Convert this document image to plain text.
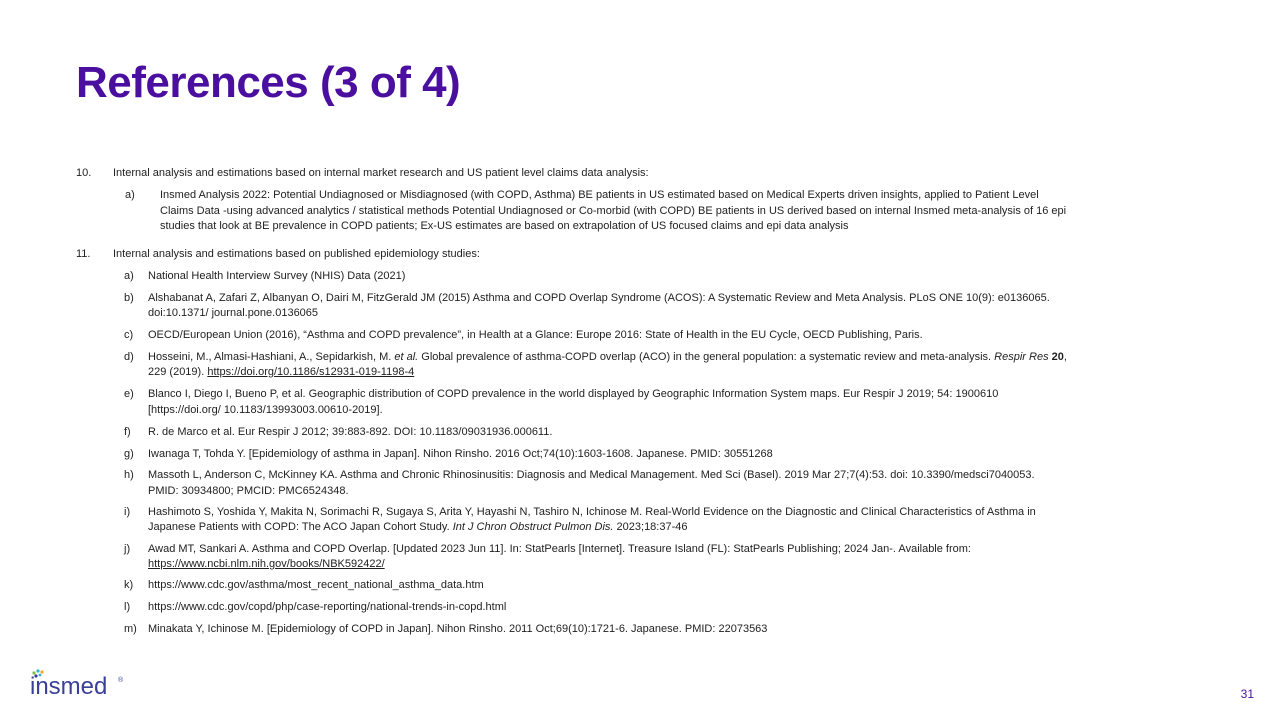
References (3 of 4)
10. Internal analysis and estimations based on internal market research and US patient level claims data analysis:
a) Insmed Analysis 2022: Potential Undiagnosed or Misdiagnosed (with COPD, Asthma) BE patients in US estimated based on Medical Experts driven insights, applied to Patient Level
Claims Data -using advanced analytics / statistical methods Potential Undiagnosed or Co-morbid (with COPD) BE patients in US derived based on internal Insmed meta-analysis of 16 epi
studies that look at BE prevalence in COPD patients; Ex-US estimates are based on extrapolation of US focused claims and epi data analysis
11. Internal analysis and estimations based on published epidemiology studies:
a) National Health Interview Survey (NHIS) Data (2021)
b) Alshabanat A, Zafari Z, Albanyan O, Dairi M, FitzGerald JM (2015) Asthma and COPD Overlap Syndrome (ACOS): A Systematic Review and Meta Analysis. PLoS ONE 10(9): e0136065.
doi:10.1371/ journal.pone.0136065
c) OECD/European Union (2016), “Asthma and COPD prevalence”, in Health at a Glance: Europe 2016: State of Health in the EU Cycle, OECD Publishing, Paris.
d) Hosseini, M., Almasi-Hashiani, A., Sepidarkish, M. et al. Global prevalence of asthma-COPD overlap (ACO) in the general population: a systematic review and meta-analysis. Respir Res 20,
229 (2019). https://doi.org/10.1186/s12931-019-1198-4
e) Blanco I, Diego I, Bueno P, et al. Geographic distribution of COPD prevalence in the world displayed by Geographic Information System maps. Eur Respir J 2019; 54: 1900610
[https://doi.org/ 10.1183/13993003.00610-2019].
f) R. de Marco et al. Eur Respir J 2012; 39:883-892. DOI: 10.1183/09031936.000611.
g) Iwanaga T, Tohda Y. [Epidemiology of asthma in Japan]. Nihon Rinsho. 2016 Oct;74(10):1603-1608. Japanese. PMID: 30551268
h) Massoth L, Anderson C, McKinney KA. Asthma and Chronic Rhinosinusitis: Diagnosis and Medical Management. Med Sci (Basel). 2019 Mar 27;7(4):53. doi: 10.3390/medsci7040053.
PMID: 30934800; PMCID: PMC6524348.
i) Hashimoto S, Yoshida Y, Makita N, Sorimachi R, Sugaya S, Arita Y, Hayashi N, Tashiro N, Ichinose M. Real-World Evidence on the Diagnostic and Clinical Characteristics of Asthma in
Japanese Patients with COPD: The ACO Japan Cohort Study. Int J Chron Obstruct Pulmon Dis. 2023;18:37-46
j) Awad MT, Sankari A. Asthma and COPD Overlap. [Updated 2023 Jun 11]. In: StatPearls [Internet]. Treasure Island (FL): StatPearls Publishing; 2024 Jan-. Available from:
https://www.ncbi.nlm.nih.gov/books/NBK592422/
k) https://www.cdc.gov/asthma/most_recent_national_asthma_data.htm
l) https://www.cdc.gov/copd/php/case-reporting/national-trends-in-copd.html
m) Minakata Y, Ichinose M. [Epidemiology of COPD in Japan]. Nihon Rinsho. 2011 Oct;69(10):1721-6. Japanese. PMID: 22073563
insmed ®
31
